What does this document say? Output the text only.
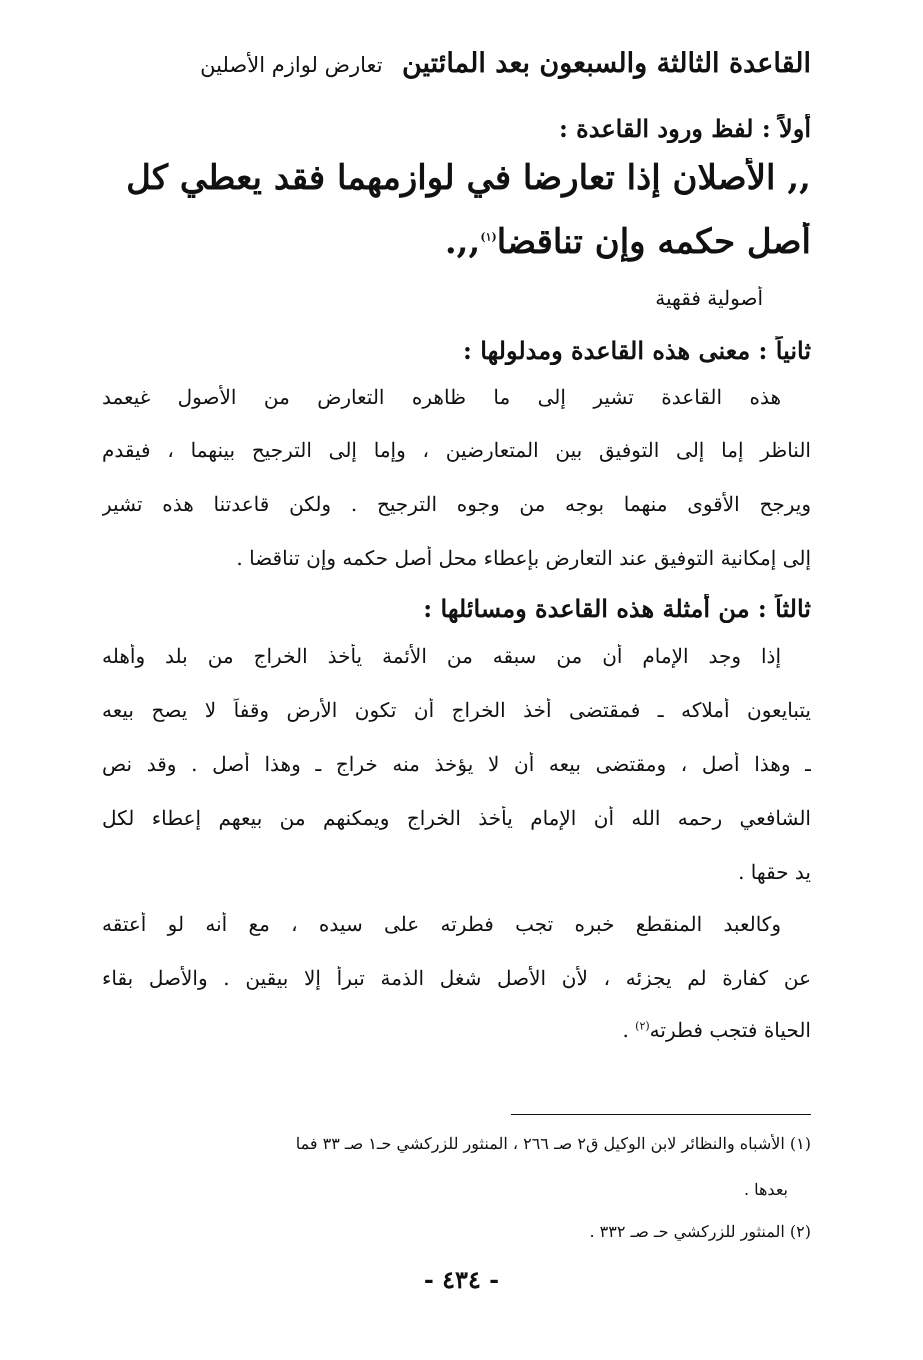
القاعدة الثالثة والسبعون بعد المائتين تعارض لوازم الأصلين
أولاً : لفظ ورود القاعدة :
,, الأصلان إذا تعارضا في لوازمهما فقد يعطي كل
أصل حكمه وإن تناقضا$^{(١)}$,,.
أصولية فقهية
ثانياً : معنى هذه القاعدة ومدلولها :
هذه القاعدة تشير إلى ما ظاهره التعارض من الأصول غيعمد
الناظر إما إلى التوفيق بين المتعارضين ، وإما إلى الترجيح بينهما ، فيقدم
ويرجح الأقوى منهما بوجه من وجوه الترجيح . ولكن قاعدتنا هذه تشير
إلى إمكانية التوفيق عند التعارض بإعطاء محل أصل حكمه وإن تناقضا .
ثالثاً : من أمثلة هذه القاعدة ومسائلها :
إذا وجد الإمام أن من سبقه من الأئمة يأخذ الخراج من بلد وأهله
يتبايعون أملاكه ـ فمقتضى أخذ الخراج أن تكون الأرض وقفاً لا يصح بيعه
ـ وهذا أصل ، ومقتضى بيعه أن لا يؤخذ منه خراج ـ وهذا أصل . وقد نص
الشافعي رحمه الله أن الإمام يأخذ الخراج ويمكنهم من بيعهم إعطاء لكل
يد حقها .
وكالعبد المنقطع خبره تجب فطرته على سيده ، مع أنه لو أعتقه
عن كفارة لم يجزئه ، لأن الأصل شغل الذمة تبرأ إلا بيقين . والأصل بقاء
الحياة فتجب فطرته$^{(٢)}$ .
(١) الأشباه والنظائر لابن الوكيل ق٢ صـ ٢٦٦ ، المنثور للزركشي حـ١ صـ ٣٣ فما
بعدها .
(٢) المنثور للزركشي حـ صـ ٣٣٢ .
- ٤٣٤ -
